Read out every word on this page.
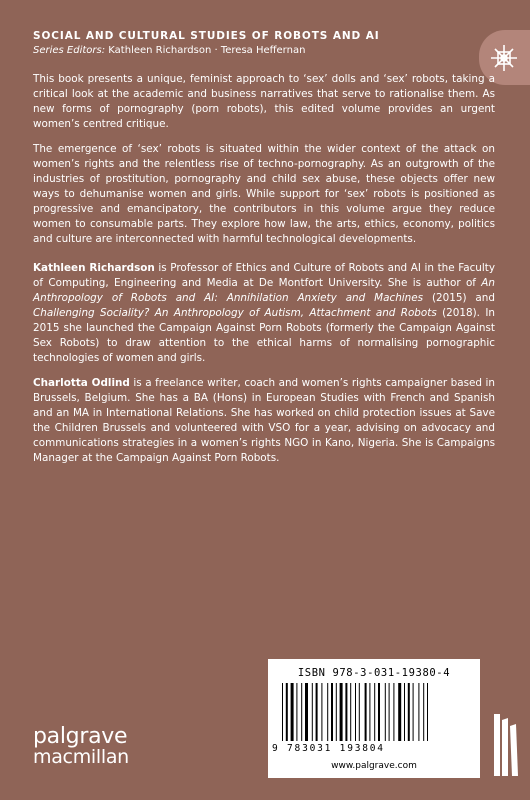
SOCIAL AND CULTURAL STUDIES OF ROBOTS AND AI
Series Editors: Kathleen Richardson · Teresa Heffernan

This book presents a unique, feminist approach to ‘sex’ dolls and ‘sex’ robots, taking a critical look at the academic and business narratives that serve to rationalise them. As new forms of pornography (porn robots), this edited volume provides an urgent women’s centred critique.

The emergence of ‘sex’ robots is situated within the wider context of the attack on women’s rights and the relentless rise of techno-pornography. As an outgrowth of the industries of prostitution, pornography and child sex abuse, these objects offer new ways to dehumanise women and girls. While support for ‘sex’ robots is positioned as progressive and emancipatory, the contributors in this volume argue they reduce women to consumable parts. They explore how law, the arts, ethics, economy, politics and culture are interconnected with harmful technological developments.

Kathleen Richardson is Professor of Ethics and Culture of Robots and AI in the Faculty of Computing, Engineering and Media at De Montfort University. She is author of An Anthropology of Robots and AI: Annihilation Anxiety and Machines (2015) and Challenging Sociality? An Anthropology of Autism, Attachment and Robots (2018). In 2015 she launched the Campaign Against Porn Robots (formerly the Campaign Against Sex Robots) to draw attention to the ethical harms of normalising pornographic technologies of women and girls.

Charlotta Odlind is a freelance writer, coach and women’s rights campaigner based in Brussels, Belgium. She has a BA (Hons) in European Studies with French and Spanish and an MA in International Relations. She has worked on child protection issues at Save the Children Brussels and volunteered with VSO for a year, advising on advocacy and communications strategies in a women’s rights NGO in Kano, Nigeria. She is Campaigns Manager at the Campaign Against Porn Robots.

ISBN 978-3-031-19380-4
9 783031 193804
www.palgrave.com
palgrave
macmillan
